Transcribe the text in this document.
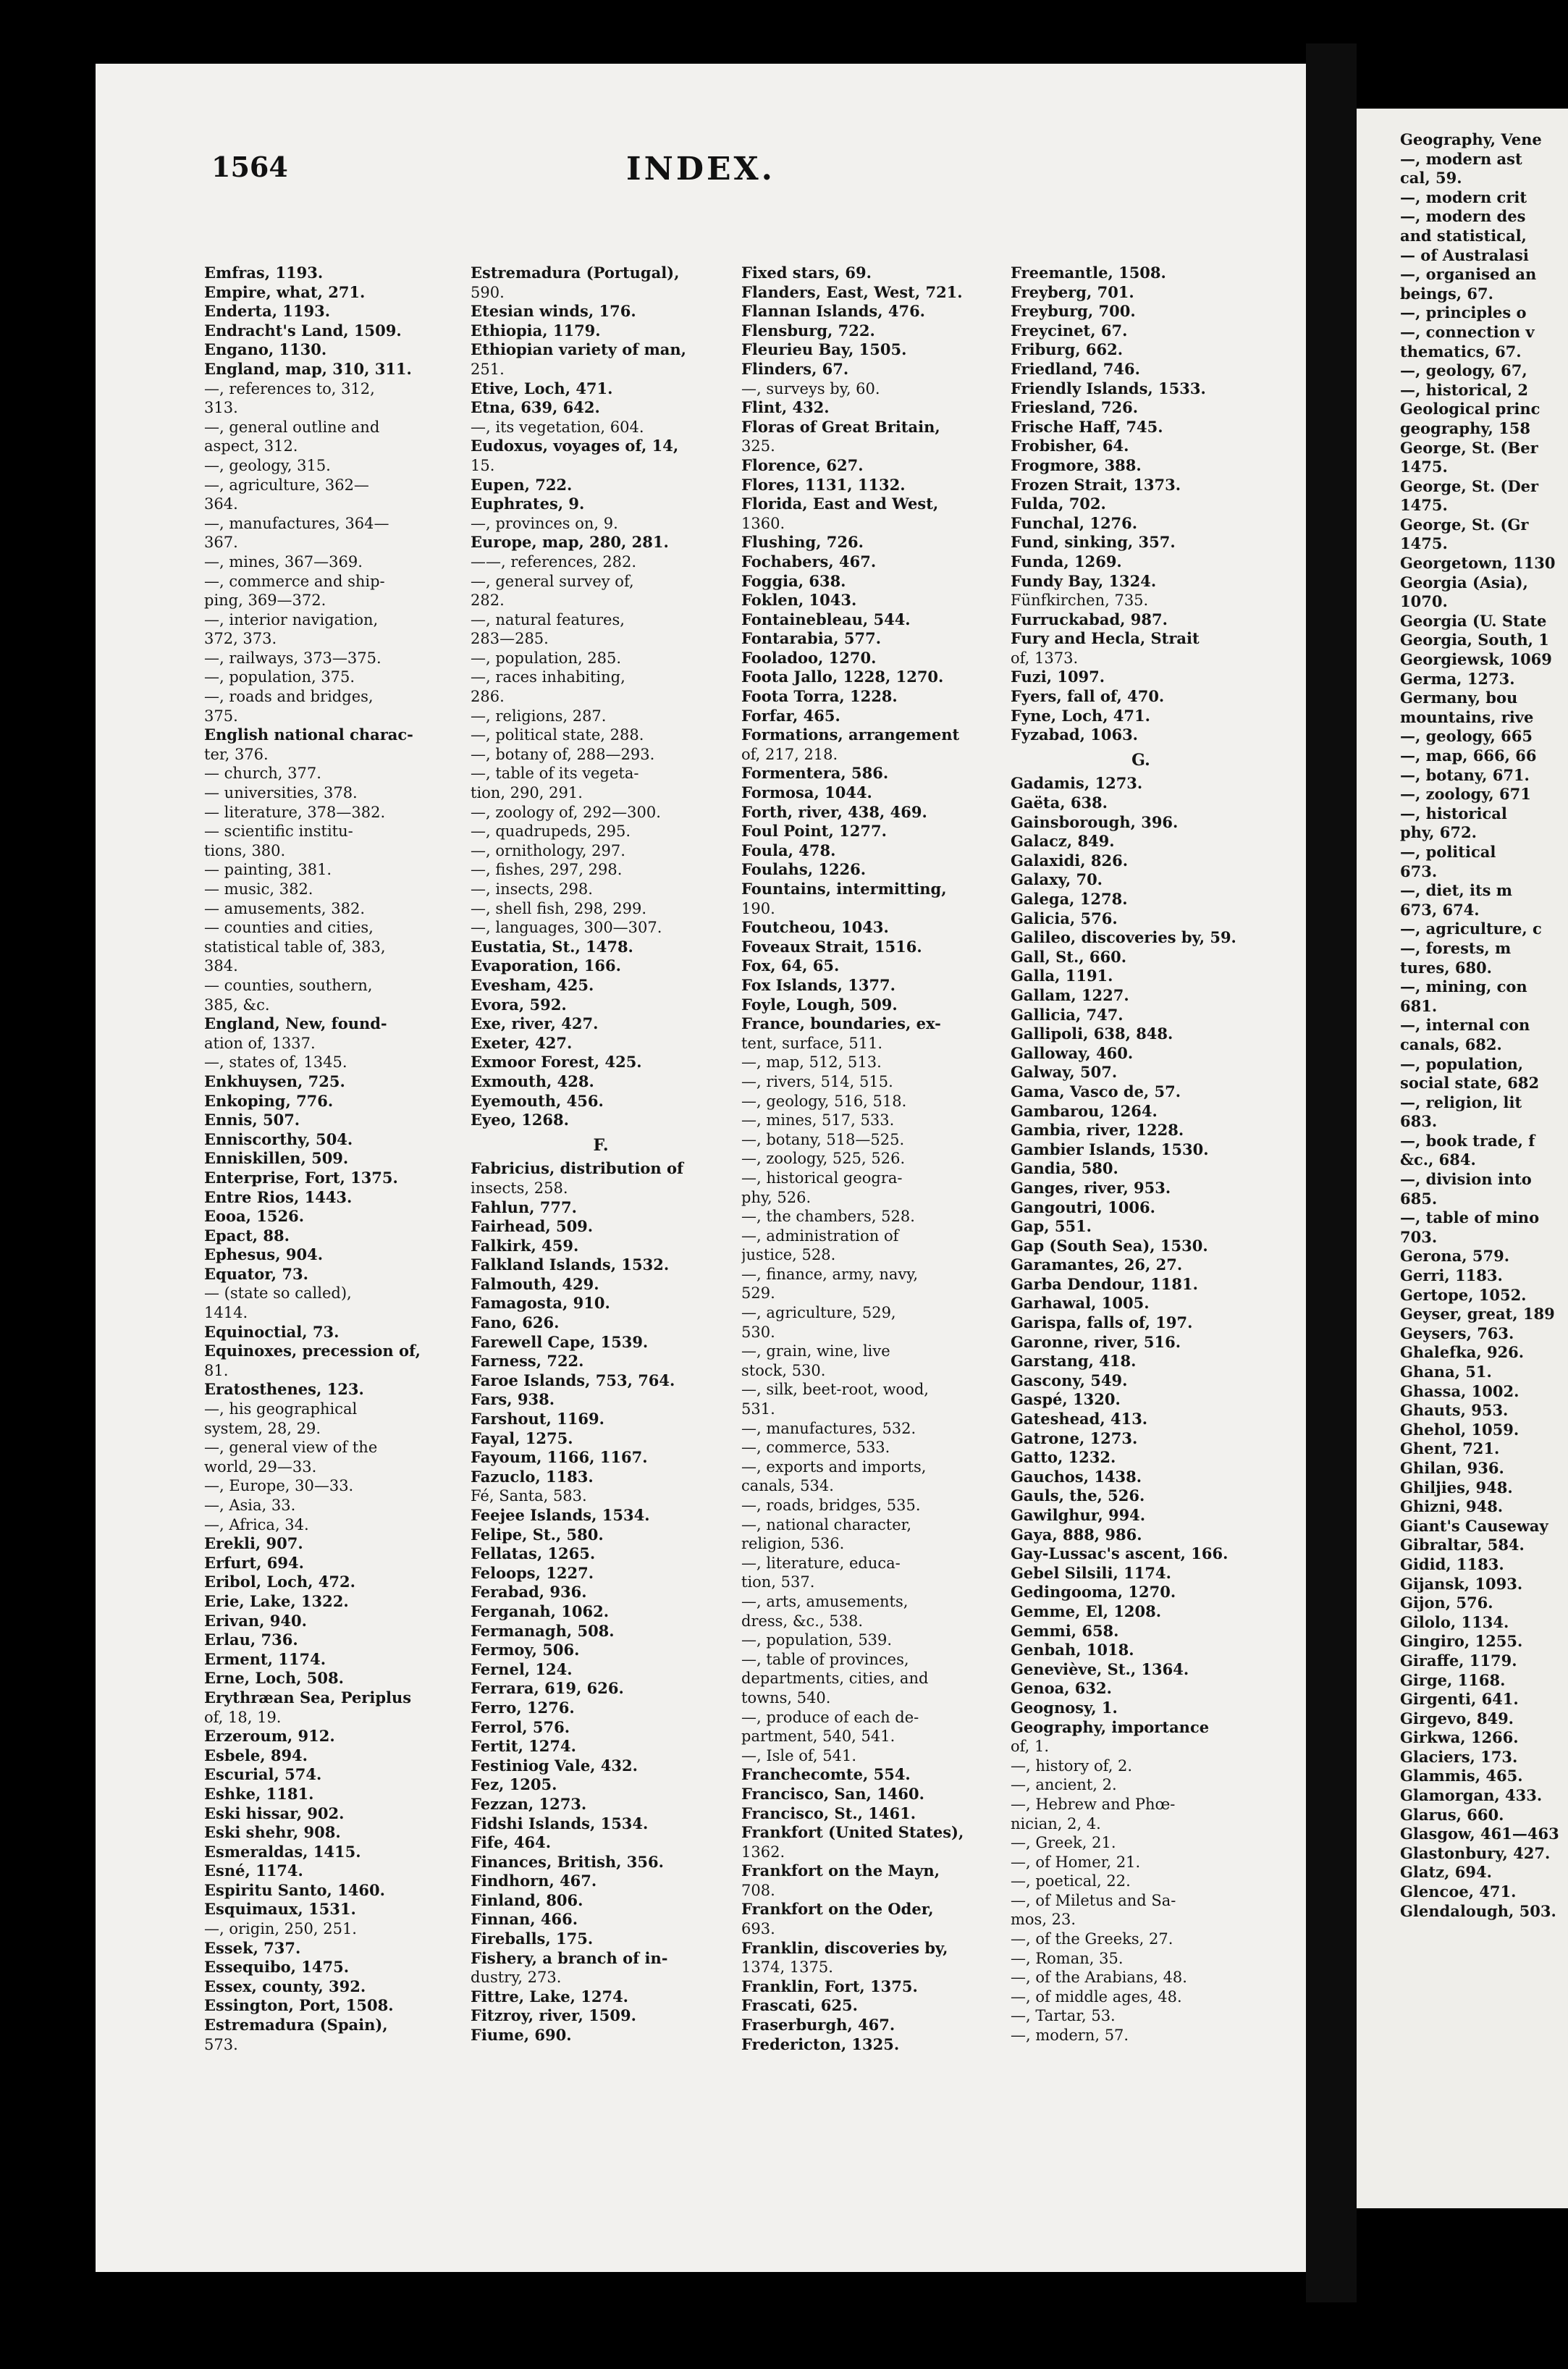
1564	INDEX.
Emfras, 1193.
Empire, what, 271.
Enderta, 1193.
Endracht's Land, 1509.
Engano, 1130.
England, map, 310, 311.
—, references to, 312,
313.
—, general outline and
aspect, 312.
—, geology, 315.
—, agriculture, 362—
364.
—, manufactures, 364—
367.
—, mines, 367—369.
—, commerce and ship-
ping, 369—372.
—, interior navigation,
372, 373.
—, railways, 373—375.
—, population, 375.
—, roads and bridges,
375.
English national charac-
ter, 376.
— church, 377.
— universities, 378.
— literature, 378—382.
— scientific institu-
tions, 380.
— painting, 381.
— music, 382.
— amusements, 382.
— counties and cities,
statistical table of, 383,
384.
— counties, southern,
385, &c.
England, New, found-
ation of, 1337.
—, states of, 1345.
Enkhuysen, 725.
Enkoping, 776.
Ennis, 507.
Enniscorthy, 504.
Enniskillen, 509.
Enterprise, Fort, 1375.
Entre Rios, 1443.
Eooa, 1526.
Epact, 88.
Ephesus, 904.
Equator, 73.
— (state so called),
1414.
Equinoctial, 73.
Equinoxes, precession of,
81.
Eratosthenes, 123.
—, his geographical
system, 28, 29.
—, general view of the
world, 29—33.
—, Europe, 30—33.
—, Asia, 33.
—, Africa, 34.
Erekli, 907.
Erfurt, 694.
Eribol, Loch, 472.
Erie, Lake, 1322.
Erivan, 940.
Erlau, 736.
Erment, 1174.
Erne, Loch, 508.
Erythræan Sea, Periplus
of, 18, 19.
Erzeroum, 912.
Esbele, 894.
Escurial, 574.
Eshke, 1181.
Eski hissar, 902.
Eski shehr, 908.
Esmeraldas, 1415.
Esné, 1174.
Espiritu Santo, 1460.
Esquimaux, 1531.
—, origin, 250, 251.
Essek, 737.
Essequibo, 1475.
Essex, county, 392.
Essington, Port, 1508.
Estremadura (Spain),
573.
Estremadura (Portugal),
590.
Etesian winds, 176.
Ethiopia, 1179.
Ethiopian variety of man,
251.
Etive, Loch, 471.
Etna, 639, 642.
—, its vegetation, 604.
Eudoxus, voyages of, 14,
15.
Eupen, 722.
Euphrates, 9.
—, provinces on, 9.
Europe, map, 280, 281.
——, references, 282.
—, general survey of,
282.
—, natural features,
283—285.
—, population, 285.
—, races inhabiting,
286.
—, religions, 287.
—, political state, 288.
—, botany of, 288—293.
—, table of its vegeta-
tion, 290, 291.
—, zoology of, 292—300.
—, quadrupeds, 295.
—, ornithology, 297.
—, fishes, 297, 298.
—, insects, 298.
—, shell fish, 298, 299.
—, languages, 300—307.
Eustatia, St., 1478.
Evaporation, 166.
Evesham, 425.
Evora, 592.
Exe, river, 427.
Exeter, 427.
Exmoor Forest, 425.
Exmouth, 428.
Eyemouth, 456.
Eyeo, 1268.
F.
Fabricius, distribution of
insects, 258.
Fahlun, 777.
Fairhead, 509.
Falkirk, 459.
Falkland Islands, 1532.
Falmouth, 429.
Famagosta, 910.
Fano, 626.
Farewell Cape, 1539.
Farness, 722.
Faroe Islands, 753, 764.
Fars, 938.
Farshout, 1169.
Fayal, 1275.
Fayoum, 1166, 1167.
Fazuclo, 1183.
Fé, Santa, 583.
Feejee Islands, 1534.
Felipe, St., 580.
Fellatas, 1265.
Feloops, 1227.
Ferabad, 936.
Ferganah, 1062.
Fermanagh, 508.
Fermoy, 506.
Fernel, 124.
Ferrara, 619, 626.
Ferro, 1276.
Ferrol, 576.
Fertit, 1274.
Festiniog Vale, 432.
Fez, 1205.
Fezzan, 1273.
Fidshi Islands, 1534.
Fife, 464.
Finances, British, 356.
Findhorn, 467.
Finland, 806.
Finnan, 466.
Fireballs, 175.
Fishery, a branch of in-
dustry, 273.
Fittre, Lake, 1274.
Fitzroy, river, 1509.
Fiume, 690.
Fixed stars, 69.
Flanders, East, West, 721.
Flannan Islands, 476.
Flensburg, 722.
Fleurieu Bay, 1505.
Flinders, 67.
—, surveys by, 60.
Flint, 432.
Floras of Great Britain,
325.
Florence, 627.
Flores, 1131, 1132.
Florida, East and West,
1360.
Flushing, 726.
Fochabers, 467.
Foggia, 638.
Foklen, 1043.
Fontainebleau, 544.
Fontarabia, 577.
Fooladoo, 1270.
Foota Jallo, 1228, 1270.
Foota Torra, 1228.
Forfar, 465.
Formations, arrangement
of, 217, 218.
Formentera, 586.
Formosa, 1044.
Forth, river, 438, 469.
Foul Point, 1277.
Foula, 478.
Foulahs, 1226.
Fountains, intermitting,
190.
Foutcheou, 1043.
Foveaux Strait, 1516.
Fox, 64, 65.
Fox Islands, 1377.
Foyle, Lough, 509.
France, boundaries, ex-
tent, surface, 511.
—, map, 512, 513.
—, rivers, 514, 515.
—, geology, 516, 518.
—, mines, 517, 533.
—, botany, 518—525.
—, zoology, 525, 526.
—, historical geogra-
phy, 526.
—, the chambers, 528.
—, administration of
justice, 528.
—, finance, army, navy,
529.
—, agriculture, 529,
530.
—, grain, wine, live
stock, 530.
—, silk, beet-root, wood,
531.
—, manufactures, 532.
—, commerce, 533.
—, exports and imports,
canals, 534.
—, roads, bridges, 535.
—, national character,
religion, 536.
—, literature, educa-
tion, 537.
—, arts, amusements,
dress, &c., 538.
—, population, 539.
—, table of provinces,
departments, cities, and
towns, 540.
—, produce of each de-
partment, 540, 541.
—, Isle of, 541.
Franchecomte, 554.
Francisco, San, 1460.
Francisco, St., 1461.
Frankfort (United States),
1362.
Frankfort on the Mayn,
708.
Frankfort on the Oder,
693.
Franklin, discoveries by,
1374, 1375.
Franklin, Fort, 1375.
Frascati, 625.
Fraserburgh, 467.
Fredericton, 1325.
Freemantle, 1508.
Freyberg, 701.
Freyburg, 700.
Freycinet, 67.
Friburg, 662.
Friedland, 746.
Friendly Islands, 1533.
Friesland, 726.
Frische Haff, 745.
Frobisher, 64.
Frogmore, 388.
Frozen Strait, 1373.
Fulda, 702.
Funchal, 1276.
Fund, sinking, 357.
Funda, 1269.
Fundy Bay, 1324.
Fünfkirchen, 735.
Furruckabad, 987.
Fury and Hecla, Strait
of, 1373.
Fuzi, 1097.
Fyers, fall of, 470.
Fyne, Loch, 471.
Fyzabad, 1063.
G.
Gadamis, 1273.
Gaëta, 638.
Gainsborough, 396.
Galacz, 849.
Galaxidi, 826.
Galaxy, 70.
Galega, 1278.
Galicia, 576.
Galileo, discoveries by, 59.
Gall, St., 660.
Galla, 1191.
Gallam, 1227.
Gallicia, 747.
Gallipoli, 638, 848.
Galloway, 460.
Galway, 507.
Gama, Vasco de, 57.
Gambarou, 1264.
Gambia, river, 1228.
Gambier Islands, 1530.
Gandia, 580.
Ganges, river, 953.
Gangoutri, 1006.
Gap, 551.
Gap (South Sea), 1530.
Garamantes, 26, 27.
Garba Dendour, 1181.
Garhawal, 1005.
Garispa, falls of, 197.
Garonne, river, 516.
Garstang, 418.
Gascony, 549.
Gaspé, 1320.
Gateshead, 413.
Gatrone, 1273.
Gatto, 1232.
Gauchos, 1438.
Gauls, the, 526.
Gawilghur, 994.
Gaya, 888, 986.
Gay-Lussac's ascent, 166.
Gebel Silsili, 1174.
Gedingooma, 1270.
Gemme, El, 1208.
Gemmi, 658.
Genbah, 1018.
Geneviève, St., 1364.
Genoa, 632.
Geognosy, 1.
Geography, importance
of, 1.
—, history of, 2.
—, ancient, 2.
—, Hebrew and Phœ-
nician, 2, 4.
—, Greek, 21.
—, of Homer, 21.
—, poetical, 22.
—, of Miletus and Sa-
mos, 23.
—, of the Greeks, 27.
—, Roman, 35.
—, of the Arabians, 48.
—, of middle ages, 48.
—, Tartar, 53.
—, modern, 57.
Geography, Vene
—, modern ast
cal, 59.
—, modern crit
—, modern des
and statistical,
— of Australasi
—, organised an
beings, 67.
—, principles o
—, connection v
thematics, 67.
—, geology, 67,
—, historical, 2
Geological princ
geography, 158
George, St. (Ber
1475.
George, St. (Der
1475.
George, St. (Gr
1475.
Georgetown, 1130
Georgia (Asia),
1070.
Georgia (U. State
Georgia, South, 1
Georgiewsk, 1069
Germa, 1273.
Germany, bou
mountains, rive
—, geology, 665
—, map, 666, 66
—, botany, 671.
—, zoology, 671
—, historical
phy, 672.
—, political
673.
—, diet, its m
673, 674.
—, agriculture, c
—, forests, m
tures, 680.
—, mining, con
681.
—, internal con
canals, 682.
—, population,
social state, 682
—, religion, lit
683.
—, book trade, f
&c., 684.
—, division into
685.
—, table of mino
703.
Gerona, 579.
Gerri, 1183.
Gertope, 1052.
Geyser, great, 189
Geysers, 763.
Ghalefka, 926.
Ghana, 51.
Ghassa, 1002.
Ghauts, 953.
Ghehol, 1059.
Ghent, 721.
Ghilan, 936.
Ghiljies, 948.
Ghizni, 948.
Giant's Causeway
Gibraltar, 584.
Gidid, 1183.
Gijansk, 1093.
Gijon, 576.
Gilolo, 1134.
Gingiro, 1255.
Giraffe, 1179.
Girge, 1168.
Girgenti, 641.
Girgevo, 849.
Girkwa, 1266.
Glaciers, 173.
Glammis, 465.
Glamorgan, 433.
Glarus, 660.
Glasgow, 461—463
Glastonbury, 427.
Glatz, 694.
Glencoe, 471.
Glendalough, 503.
